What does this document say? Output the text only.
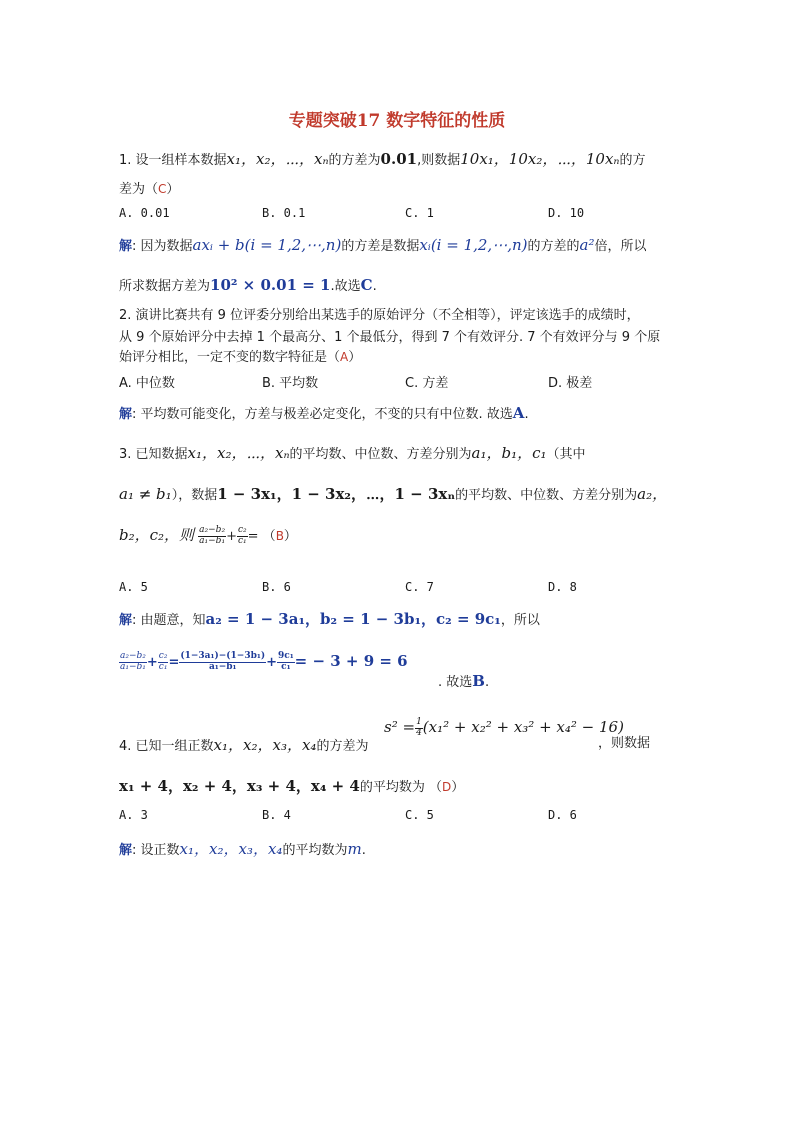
专题突破17 数字特征的性质
1. 设一组样本数据x₁，x₂，⋯，xₙ的方差为0.01,则数据10x₁，10x₂，⋯，10xₙ的方
差为（C）
A. 0.01	B. 0.1	C. 1	D. 10
解: 因为数据axᵢ + b(i = 1,2,⋯,n)的方差是数据xᵢ(i = 1,2,⋯,n)的方差的a²倍，所以
所求数据方差为10² × 0.01 = 1.故选C.
2. 演讲比赛共有 9 位评委分别给出某选手的原始评分（不全相等），评定该选手的成绩时，
从 9 个原始评分中去掉 1 个最高分、1 个最低分，得到 7 个有效评分. 7 个有效评分与 9 个原
始评分相比，一定不变的数字特征是（A）
A. 中位数	B. 平均数	C. 方差	D. 极差
解: 平均数可能变化，方差与极差必定变化，不变的只有中位数. 故选A.
3. 已知数据x₁，x₂，⋯，xₙ的平均数、中位数、方差分别为a₁，b₁，c₁（其中
a₁ ≠ b₁），数据1 − 3x₁，1 − 3x₂，⋯，1 − 3xₙ的平均数、中位数、方差分别为a₂，
b₂，c₂，则 $\frac{\text{a₂−b₂}}{\text{a₁−b₁}} + \frac{\text{c₂}}{\text{c₁}} = (B)$
A. 5	B. 6	C. 7	D. 8
解: 由题意，知a₂ = 1 − 3a₁，b₂ = 1 − 3b₁，c₂ = 9c₁，所以
$\frac{\text{a₂−b₂}}{\text{a₁−b₁}} + \frac{\text{c₂}}{\text{c₁}} = \frac{\text{(1−3a₁)−(1−3b₁)}}{\text{a₁−b₁}} + \frac{\text{9c₁}}{\text{c₁}}$ = − 3 + 9 = 6
. 故选B.
4. 已知一组正数x₁，x₂，x₃，x₄的方差为
$s^2 = \frac{1}{4} (x_1^2 + x_2^2 + x_3^2 + x_4^2 - 16)$
，则数据
x₁ + 4，x₂ + 4，x₃ + 4，x₄ + 4的平均数为 （D）
A. 3	B. 4	C. 5	D. 6
解: 设正数x₁，x₂，x₃，x₄的平均数为m.
